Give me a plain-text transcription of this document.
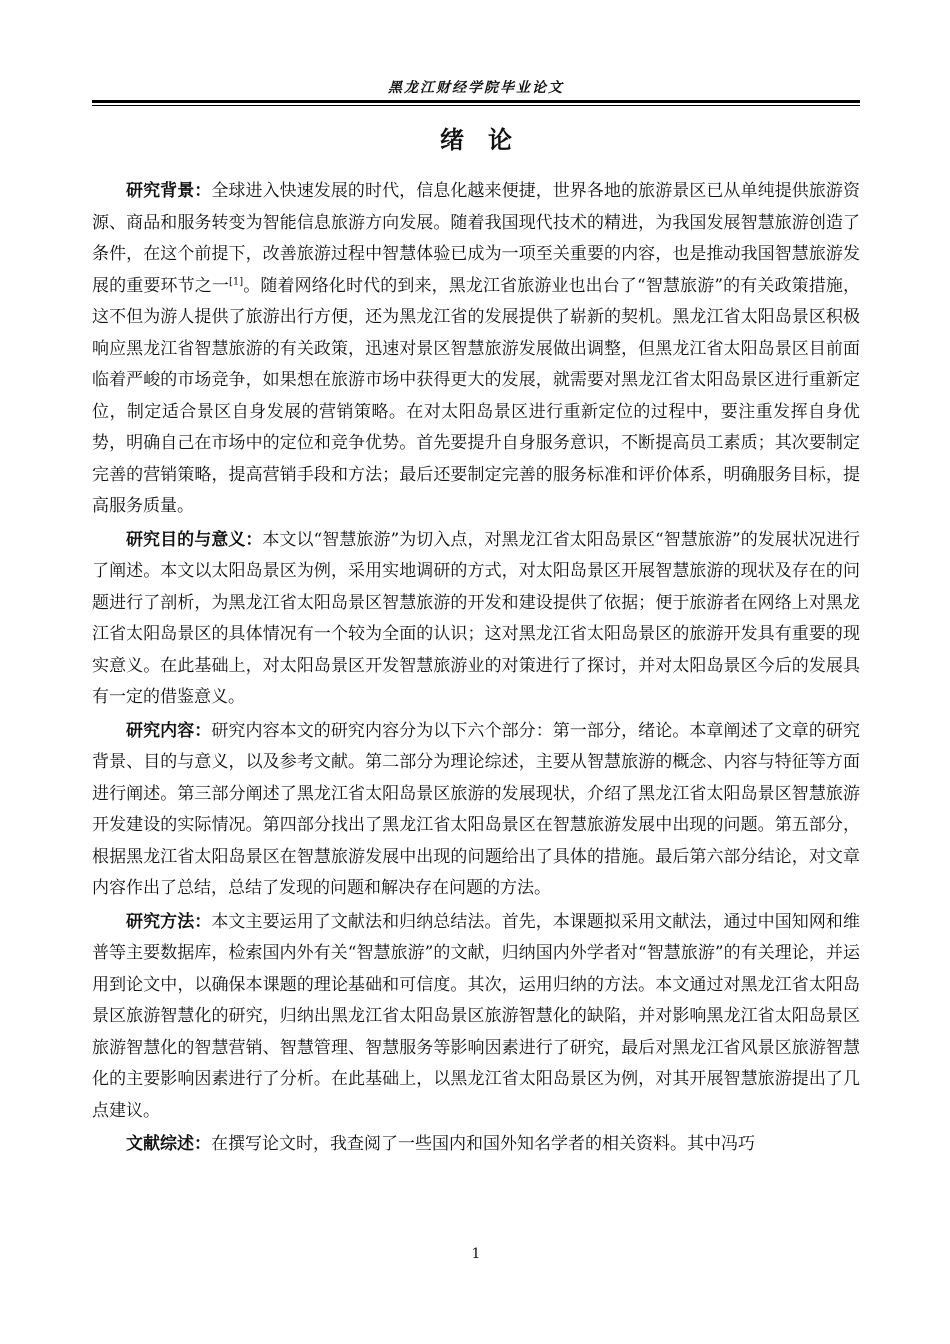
黑龙江财经学院毕业论文
绪　论

研究背景：全球进入快速发展的时代，信息化越来便捷，世界各地的旅游景区已从单纯提供旅游资源、商品和服务转变为智能信息旅游方向发展。随着我国现代技术的精进，为我国发展智慧旅游创造了条件，在这个前提下，改善旅游过程中智慧体验已成为一项至关重要的内容，也是推动我国智慧旅游发展的重要环节之一[1]。随着网络化时代的到来，黑龙江省旅游业也出台了“智慧旅游”的有关政策措施，这不但为游人提供了旅游出行方便，还为黑龙江省的发展提供了崭新的契机。黑龙江省太阳岛景区积极响应黑龙江省智慧旅游的有关政策，迅速对景区智慧旅游发展做出调整，但黑龙江省太阳岛景区目前面临着严峻的市场竞争，如果想在旅游市场中获得更大的发展，就需要对黑龙江省太阳岛景区进行重新定位，制定适合景区自身发展的营销策略。在对太阳岛景区进行重新定位的过程中，要注重发挥自身优势，明确自己在市场中的定位和竞争优势。首先要提升自身服务意识，不断提高员工素质；其次要制定完善的营销策略，提高营销手段和方法；最后还要制定完善的服务标准和评价体系，明确服务目标，提高服务质量。

研究目的与意义：本文以“智慧旅游”为切入点，对黑龙江省太阳岛景区“智慧旅游”的发展状况进行了阐述。本文以太阳岛景区为例，采用实地调研的方式，对太阳岛景区开展智慧旅游的现状及存在的问题进行了剖析，为黑龙江省太阳岛景区智慧旅游的开发和建设提供了依据；便于旅游者在网络上对黑龙江省太阳岛景区的具体情况有一个较为全面的认识；这对黑龙江省太阳岛景区的旅游开发具有重要的现实意义。在此基础上，对太阳岛景区开发智慧旅游业的对策进行了探讨，并对太阳岛景区今后的发展具有一定的借鉴意义。

研究内容：研究内容本文的研究内容分为以下六个部分：第一部分，绪论。本章阐述了文章的研究背景、目的与意义，以及参考文献。第二部分为理论综述，主要从智慧旅游的概念、内容与特征等方面进行阐述。第三部分阐述了黑龙江省太阳岛景区旅游的发展现状，介绍了黑龙江省太阳岛景区智慧旅游开发建设的实际情况。第四部分找出了黑龙江省太阳岛景区在智慧旅游发展中出现的问题。第五部分，根据黑龙江省太阳岛景区在智慧旅游发展中出现的问题给出了具体的措施。最后第六部分结论，对文章内容作出了总结，总结了发现的问题和解决存在问题的方法。

研究方法：本文主要运用了文献法和归纳总结法。首先，本课题拟采用文献法，通过中国知网和维普等主要数据库，检索国内外有关“智慧旅游”的文献，归纳国内外学者对“智慧旅游”的有关理论，并运用到论文中，以确保本课题的理论基础和可信度。其次，运用归纳的方法。本文通过对黑龙江省太阳岛景区旅游智慧化的研究，归纳出黑龙江省太阳岛景区旅游智慧化的缺陷，并对影响黑龙江省太阳岛景区旅游智慧化的智慧营销、智慧管理、智慧服务等影响因素进行了研究，最后对黑龙江省风景区旅游智慧化的主要影响因素进行了分析。在此基础上，以黑龙江省太阳岛景区为例，对其开展智慧旅游提出了几点建议。

文献综述：在撰写论文时，我查阅了一些国内和国外知名学者的相关资料。其中冯巧

1
